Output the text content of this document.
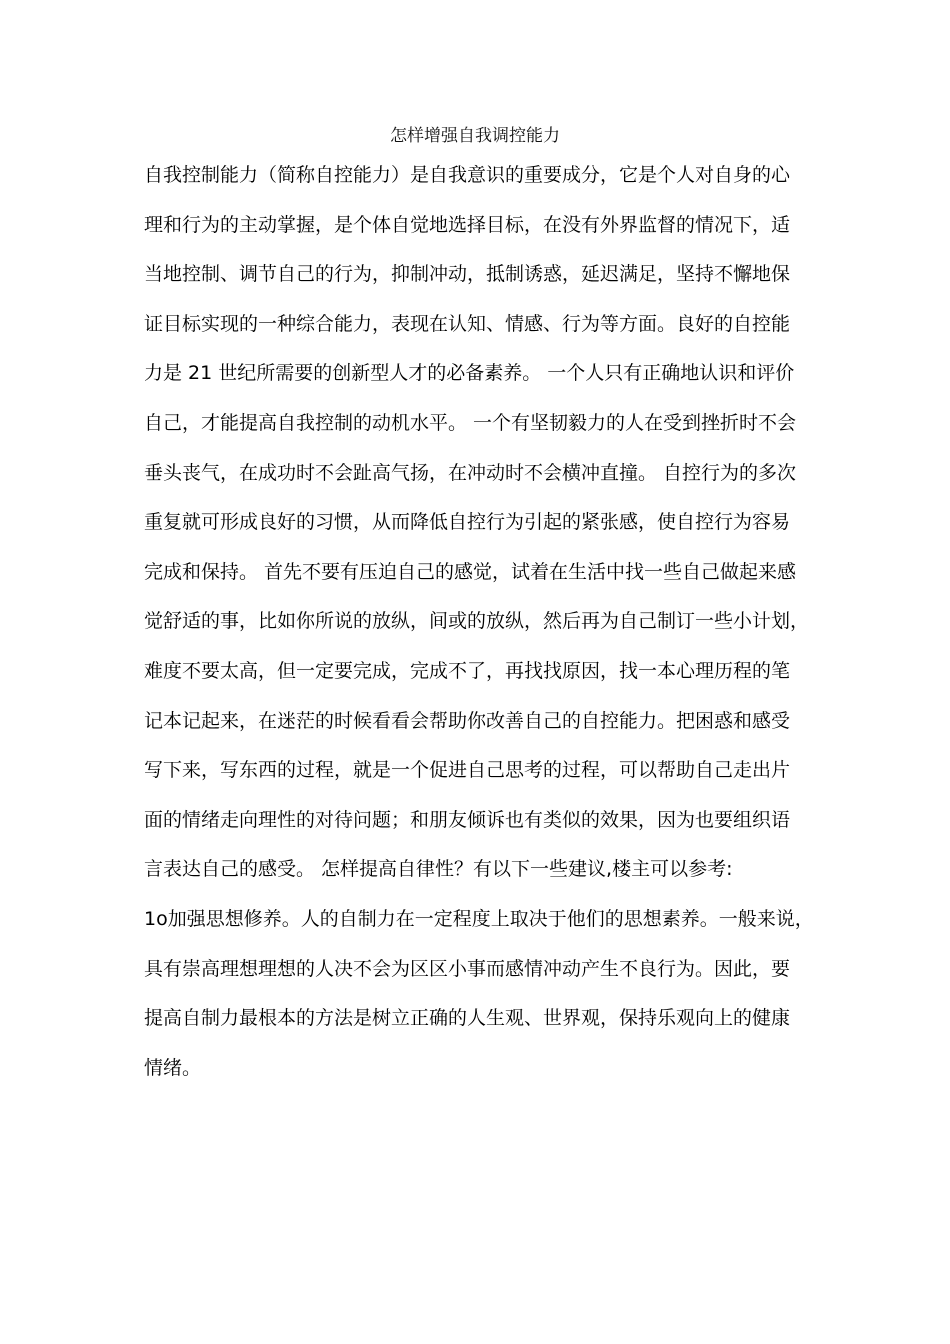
怎样增强自我调控能力
自我控制能力（简称自控能力）是自我意识的重要成分，它是个人对自身的心
理和行为的主动掌握，是个体自觉地选择目标，在没有外界监督的情况下，适
当地控制、调节自己的行为，抑制冲动，抵制诱惑，延迟满足，坚持不懈地保
证目标实现的一种综合能力，表现在认知、情感、行为等方面。良好的自控能
力是 21 世纪所需要的创新型人才的必备素养。 一个人只有正确地认识和评价
自己，才能提高自我控制的动机水平。 一个有坚韧毅力的人在受到挫折时不会
垂头丧气，在成功时不会趾高气扬，在冲动时不会横冲直撞。 自控行为的多次
重复就可形成良好的习惯，从而降低自控行为引起的紧张感，使自控行为容易
完成和保持。 首先不要有压迫自己的感觉，试着在生活中找一些自己做起来感
觉舒适的事，比如你所说的放纵，间或的放纵，然后再为自己制订一些小计划，
难度不要太高，但一定要完成，完成不了，再找找原因，找一本心理历程的笔
记本记起来，在迷茫的时候看看会帮助你改善自己的自控能力。把困惑和感受
写下来，写东西的过程，就是一个促进自己思考的过程，可以帮助自己走出片
面的情绪走向理性的对待问题；和朋友倾诉也有类似的效果，因为也要组织语
言表达自己的感受。 怎样提高自律性？有以下一些建议,楼主可以参考:
1o加强思想修养。人的自制力在一定程度上取决于他们的思想素养。一般来说，
具有崇高理想理想的人决不会为区区小事而感情冲动产生不良行为。因此，要
提高自制力最根本的方法是树立正确的人生观、世界观，保持乐观向上的健康
情绪。
